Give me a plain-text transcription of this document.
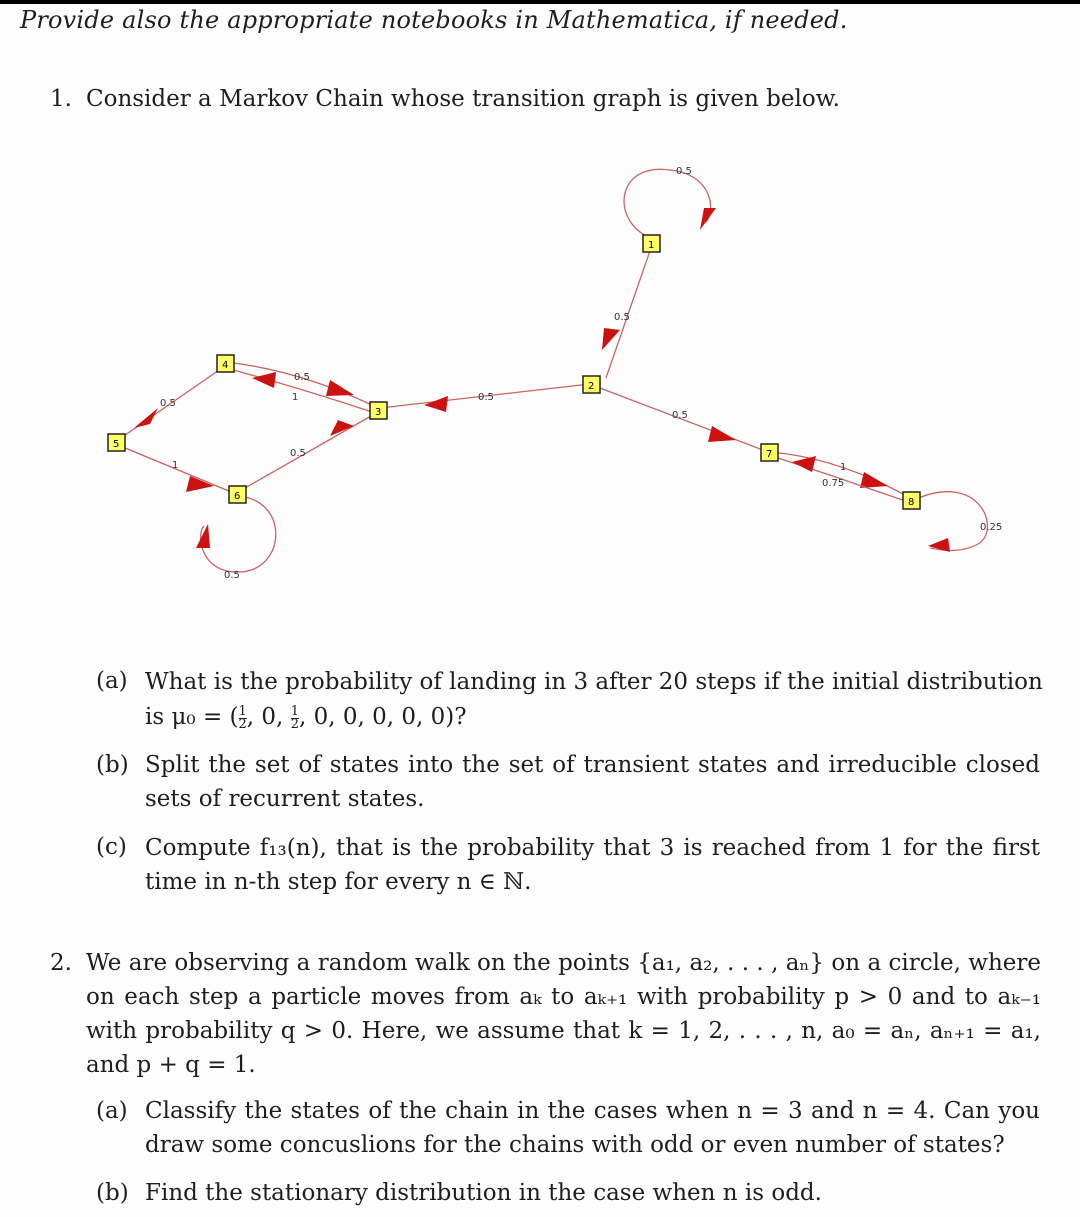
Provide also the appropriate notebooks in Mathematica, if needed.
1. Consider a Markov Chain whose transition graph is given below.
0.5
0.5
0.5
0.5
0.5
1
0.5
1
0.5
0.5
1
0.75
0.25
1
2
3
4
5
6
7
8
(a) What is the probability of landing in 3 after 20 steps if the initial distribution
is μ₀ = ( $\frac{1}{2}$ , 0, $\frac{1}{2}$ , 0, 0, 0, 0, 0)?
(b) Split the set of states into the set of transient states and irreducible closed sets of recurrent states.
(c) Compute f₁₃(n), that is the probability that 3 is reached from 1 for the first time in n-th step for every n ∈ ℕ.
2. We are observing a random walk on the points {a₁, a₂, . . . , aₙ} on a circle, where on each step a particle moves from aₖ to aₖ₊₁ with probability p > 0 and to aₖ₋₁ with probability q > 0. Here, we assume that k = 1, 2, . . . , n, a₀ = aₙ, aₙ₊₁ = a₁, and p + q = 1.
(a) Classify the states of the chain in the cases when n = 3 and n = 4. Can you draw some concuslions for the chains with odd or even number of states?
(b) Find the stationary distribution in the case when n is odd.
